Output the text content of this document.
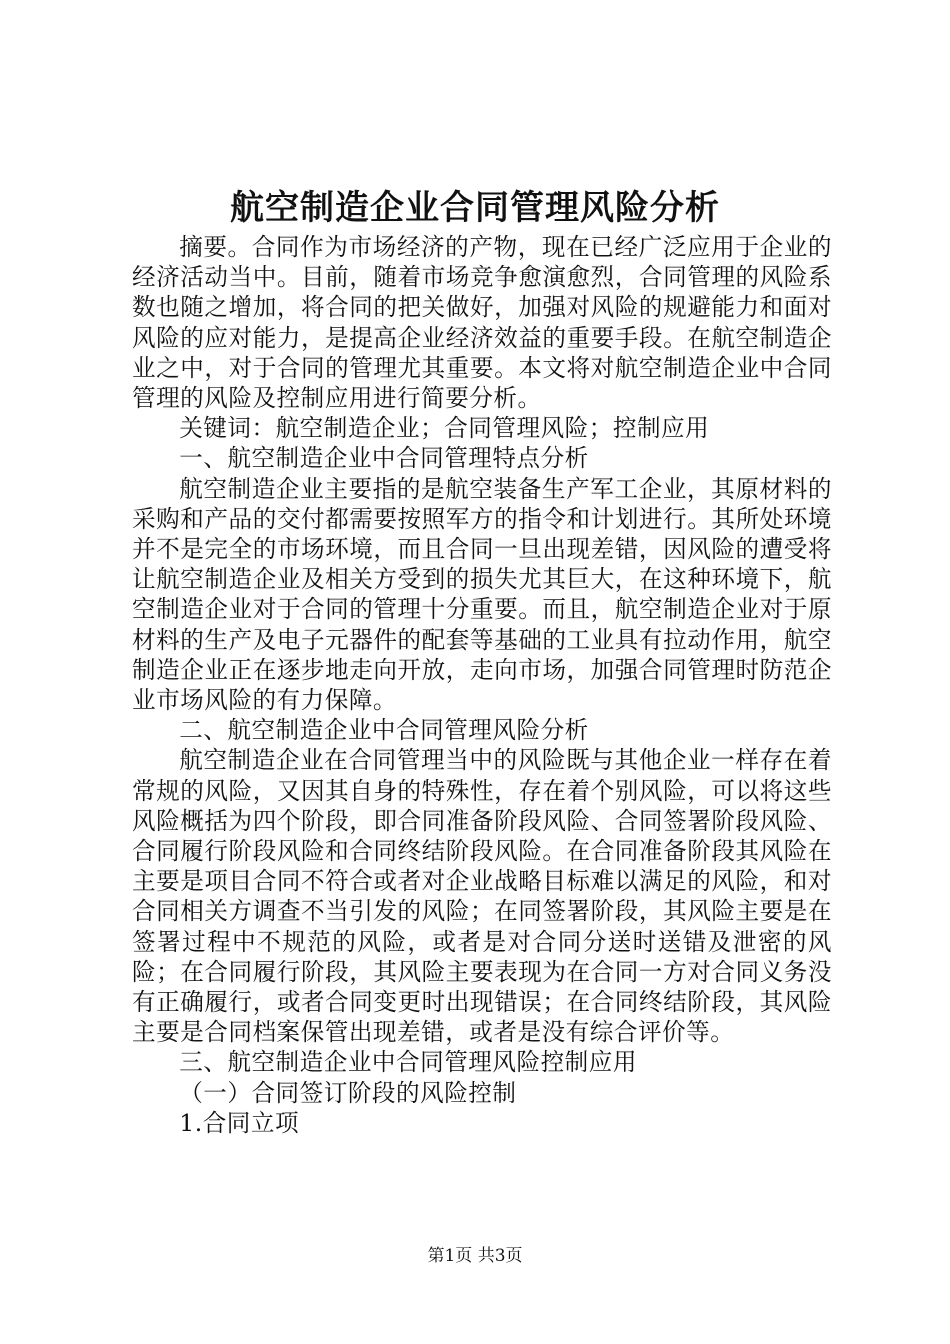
航空制造企业合同管理风险分析

摘要。合同作为市场经济的产物，现在已经广泛应用于企业的经济活动当中。目前，随着市场竞争愈演愈烈，合同管理的风险系数也随之增加，将合同的把关做好，加强对风险的规避能力和面对风险的应对能力，是提高企业经济效益的重要手段。在航空制造企业之中，对于合同的管理尤其重要。本文将对航空制造企业中合同管理的风险及控制应用进行简要分析。

关键词：航空制造企业；合同管理风险；控制应用

一、航空制造企业中合同管理特点分析

航空制造企业主要指的是航空装备生产军工企业，其原材料的采购和产品的交付都需要按照军方的指令和计划进行。其所处环境并不是完全的市场环境，而且合同一旦出现差错，因风险的遭受将让航空制造企业及相关方受到的损失尤其巨大，在这种环境下，航空制造企业对于合同的管理十分重要。而且，航空制造企业对于原材料的生产及电子元器件的配套等基础的工业具有拉动作用，航空制造企业正在逐步地走向开放，走向市场，加强合同管理时防范企业市场风险的有力保障。

二、航空制造企业中合同管理风险分析

航空制造企业在合同管理当中的风险既与其他企业一样存在着常规的风险，又因其自身的特殊性，存在着个别风险，可以将这些风险概括为四个阶段，即合同准备阶段风险、合同签署阶段风险、合同履行阶段风险和合同终结阶段风险。在合同准备阶段其风险在主要是项目合同不符合或者对企业战略目标难以满足的风险，和对合同相关方调查不当引发的风险；在同签署阶段，其风险主要是在签署过程中不规范的风险，或者是对合同分送时送错及泄密的风险；在合同履行阶段，其风险主要表现为在合同一方对合同义务没有正确履行，或者合同变更时出现错误；在合同终结阶段，其风险主要是合同档案保管出现差错，或者是没有综合评价等。

三、航空制造企业中合同管理风险控制应用

（一）合同签订阶段的风险控制

1.合同立项

第1页 共3页
